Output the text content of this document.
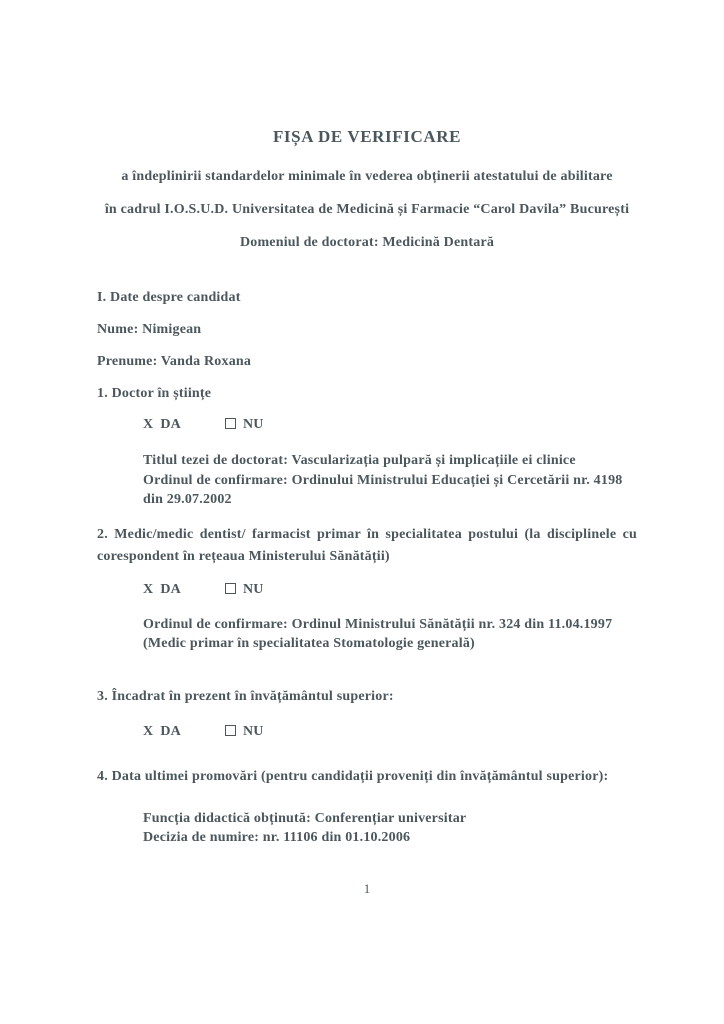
FIȘA DE VERIFICARE

a îndeplinirii standardelor minimale în vederea obținerii atestatului de abilitare

în cadrul I.O.S.U.D. Universitatea de Medicină și Farmacie “Carol Davila” București

Domeniul de doctorat: Medicină Dentară

I. Date despre candidat

Nume: Nimigean

Prenume: Vanda Roxana

1. Doctor în științe

X DA	NU

Titlul tezei de doctorat: Vascularizația pulpară și implicațiile ei clinice

Ordinul de confirmare: Ordinului Ministrului Educației și Cercetării nr. 4198 din 29.07.2002

2. Medic/medic dentist/ farmacist primar în specialitatea postului (la disciplinele cu corespondent în rețeaua Ministerului Sănătății)

X DA	NU

Ordinul de confirmare: Ordinul Ministrului Sănătății nr. 324 din 11.04.1997

(Medic primar în specialitatea Stomatologie generală)

3. Încadrat în prezent în învățământul superior:

X DA	NU

4. Data ultimei promovări (pentru candidații proveniți din învățământul superior):

Funcția didactică obținută: Conferențiar universitar

Decizia de numire: nr. 11106 din 01.10.2006

1
